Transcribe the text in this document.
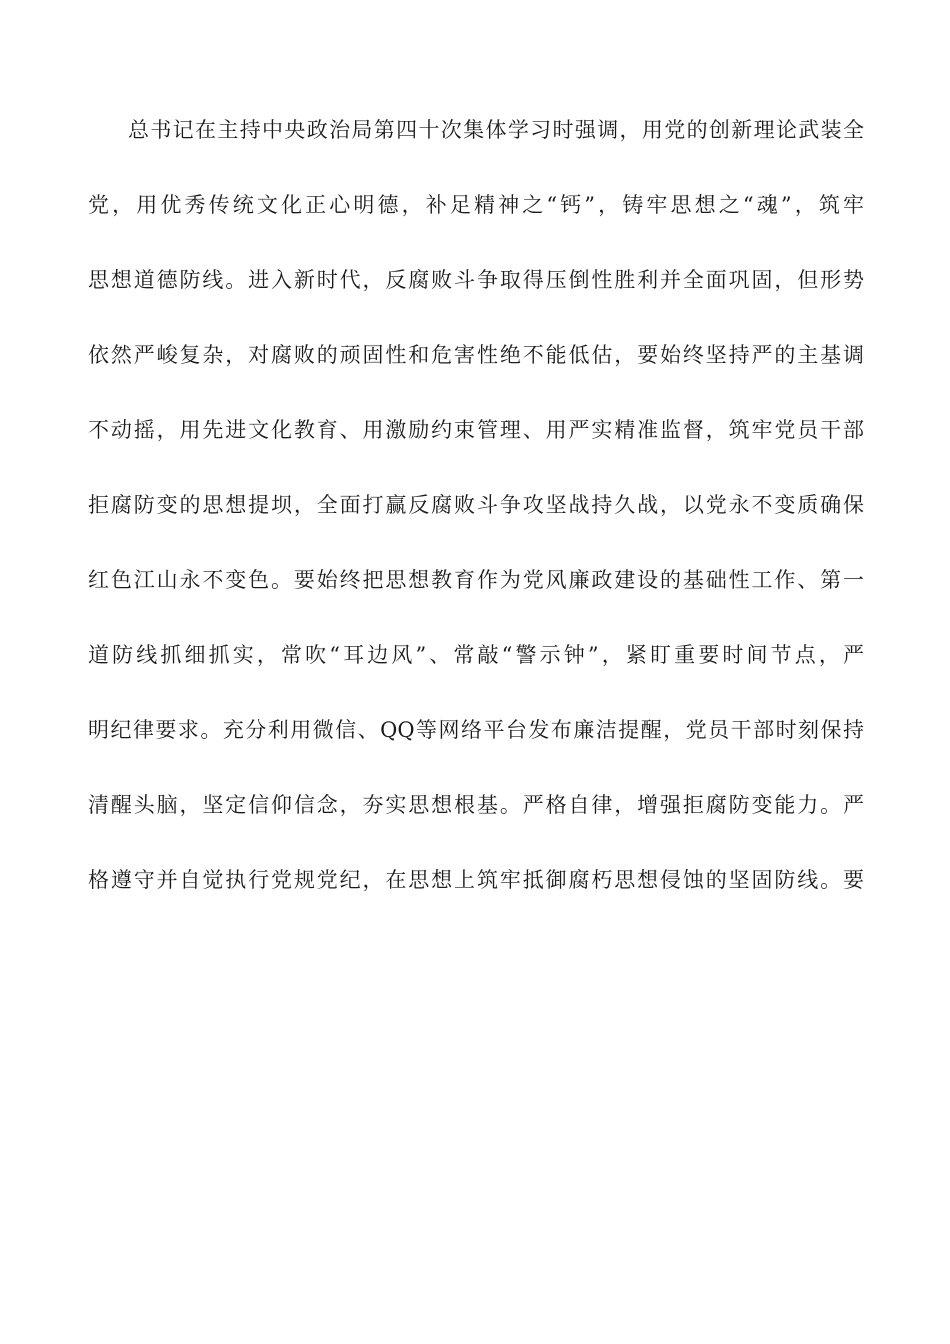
总书记在主持中央政治局第四十次集体学习时强调，用党的创新理论武装全
党，用优秀传统文化正心明德，补足精神之“钙”，铸牢思想之“魂”，筑牢
思想道德防线。进入新时代，反腐败斗争取得压倒性胜利并全面巩固，但形势
依然严峻复杂，对腐败的顽固性和危害性绝不能低估，要始终坚持严的主基调
不动摇，用先进文化教育、用激励约束管理、用严实精准监督，筑牢党员干部
拒腐防变的思想提坝，全面打赢反腐败斗争攻坚战持久战，以党永不变质确保
红色江山永不变色。要始终把思想教育作为党风廉政建设的基础性工作、第一
道防线抓细抓实，常吹“耳边风”、常敲“警示钟”，紧盯重要时间节点，严
明纪律要求。充分利用微信、QQ等网络平台发布廉洁提醒，党员干部时刻保持
清醒头脑，坚定信仰信念，夯实思想根基。严格自律，增强拒腐防变能力。严
格遵守并自觉执行党规党纪，在思想上筑牢抵御腐朽思想侵蚀的坚固防线。要
